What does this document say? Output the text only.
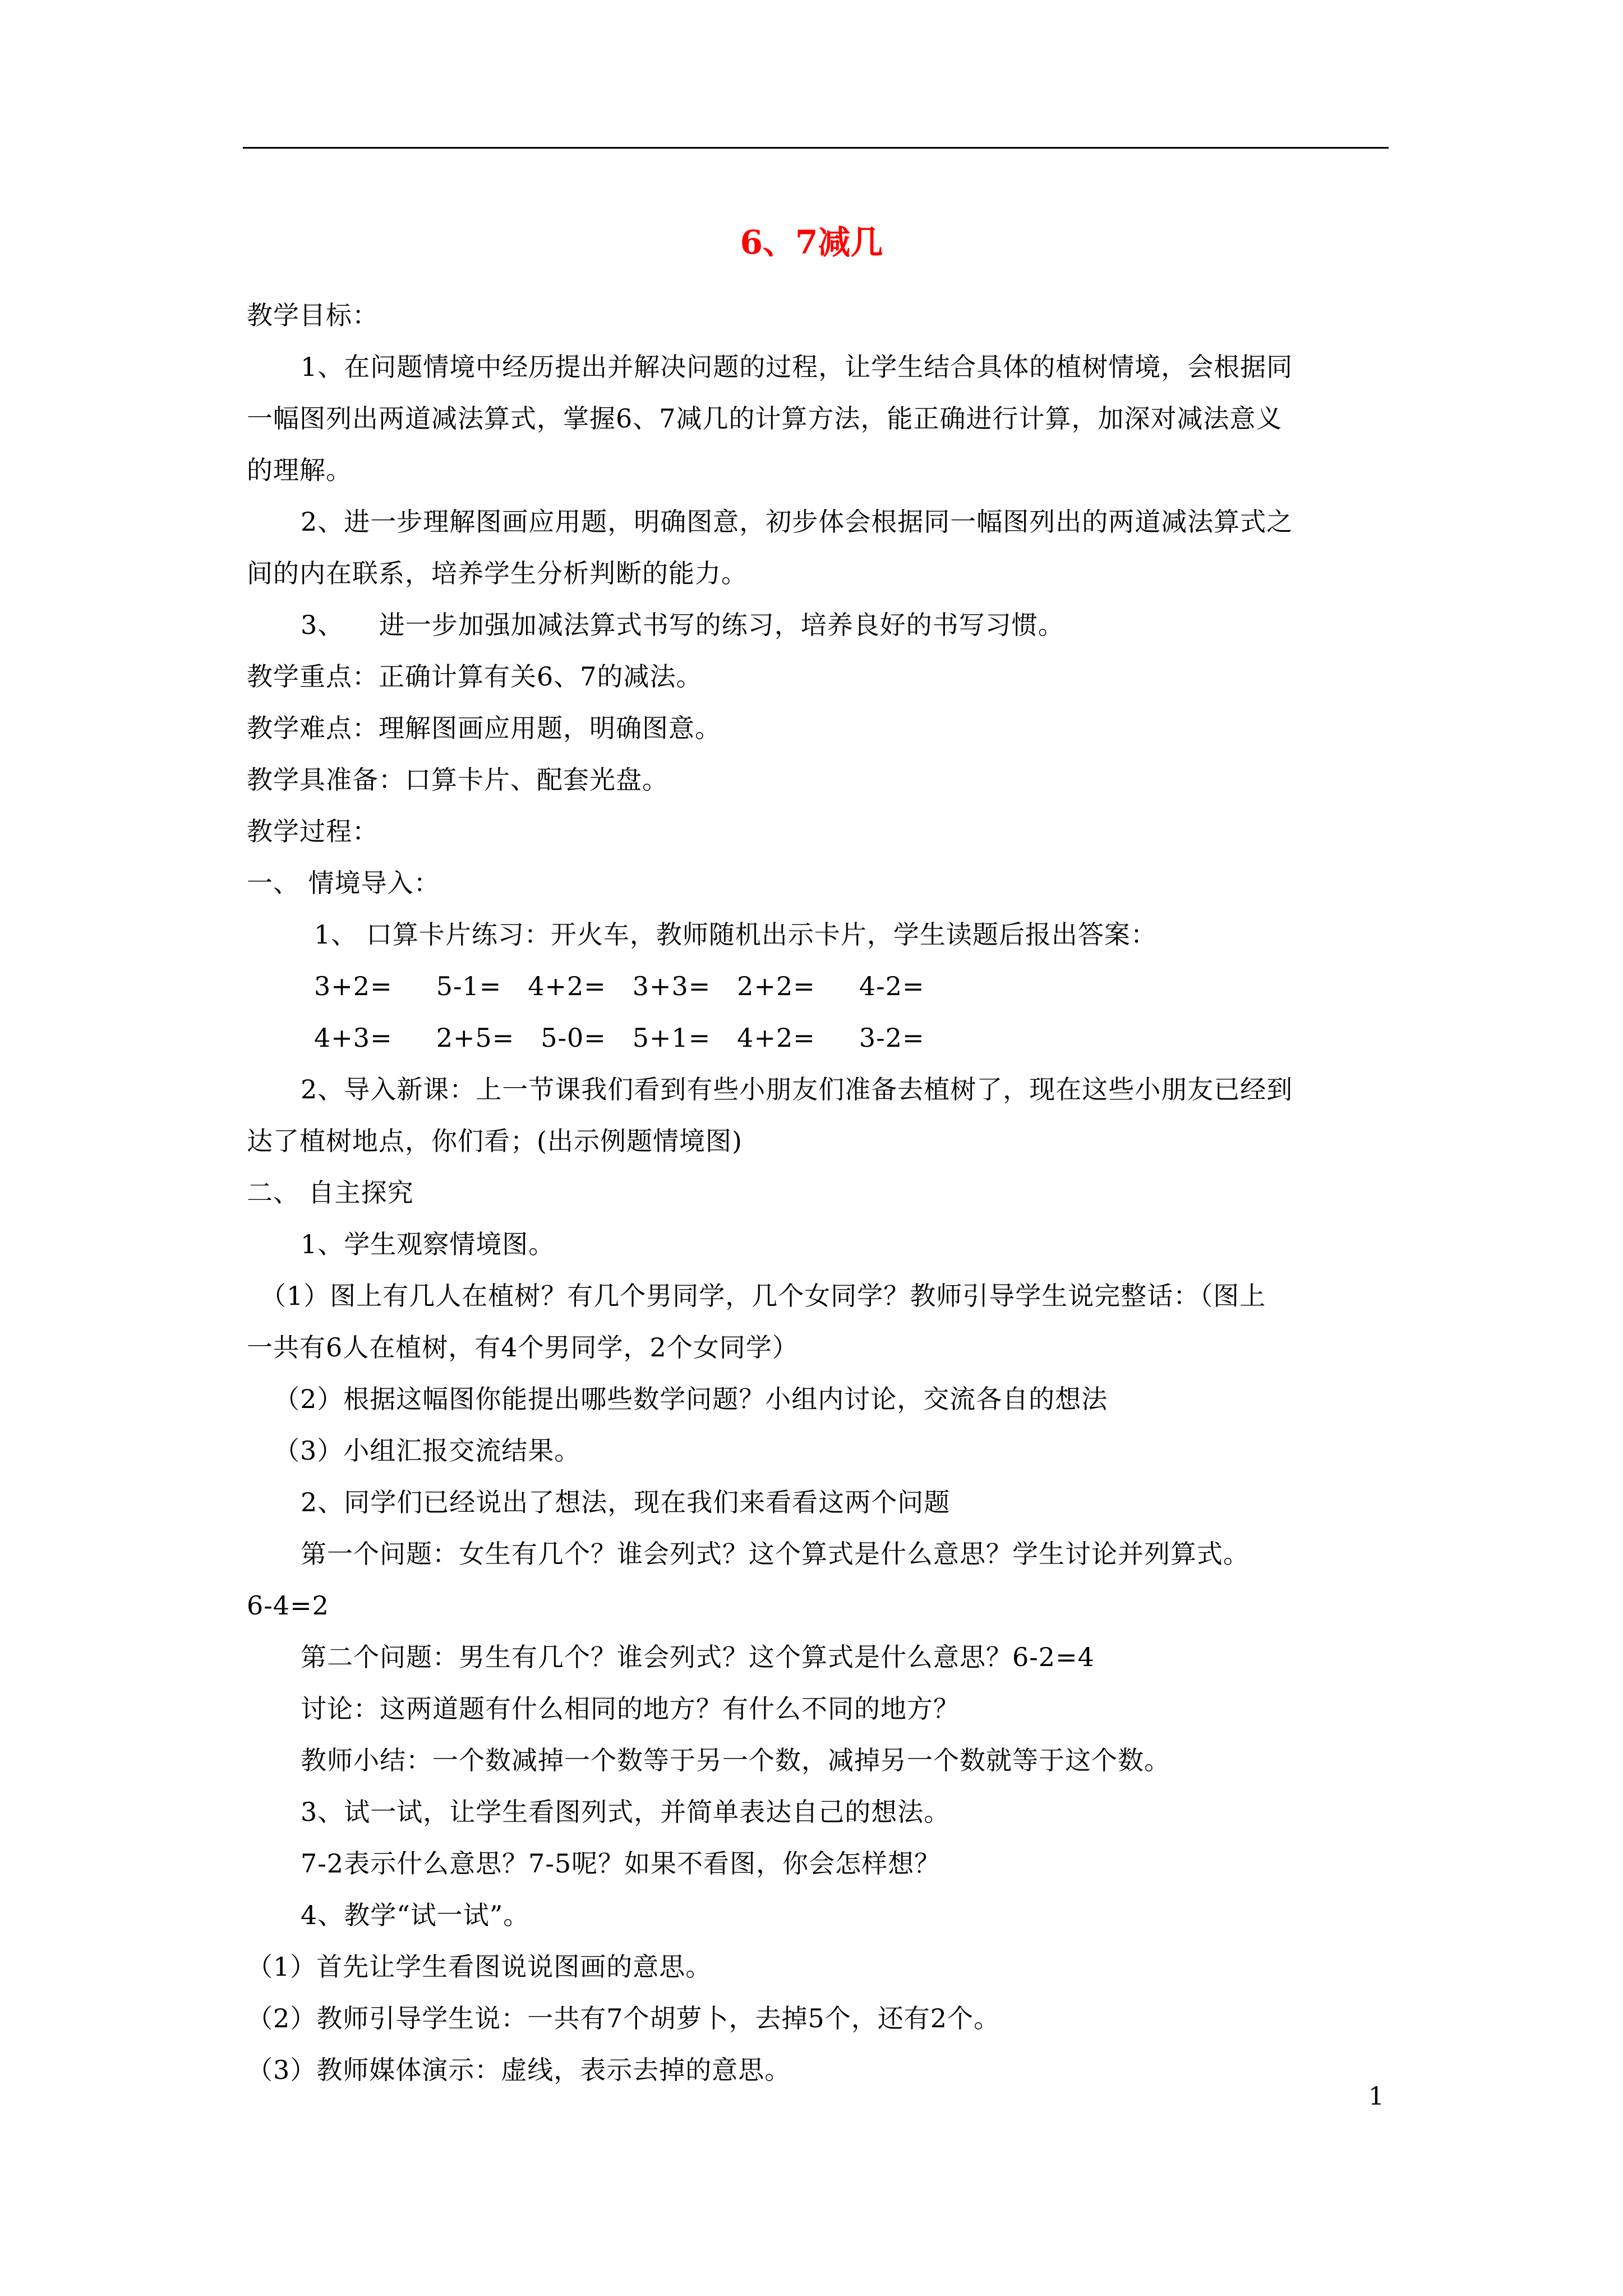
6、7减几
教学目标：
1、在问题情境中经历提出并解决问题的过程，让学生结合具体的植树情境，会根据同
一幅图列出两道减法算式，掌握6、7减几的计算方法，能正确进行计算，加深对减法意义
的理解。
2、进一步理解图画应用题，明确图意，初步体会根据同一幅图列出的两道减法算式之
间的内在联系，培养学生分析判断的能力。
3、    进一步加强加减法算式书写的练习，培养良好的书写习惯。
教学重点：正确计算有关6、7的减法。
教学难点：理解图画应用题，明确图意。
教学具准备：口算卡片、配套光盘。
教学过程：
一、 情境导入：
1、 口算卡片练习：开火车，教师随机出示卡片，学生读题后报出答案：
3+2=     5-1=   4+2=   3+3=   2+2=     4-2=
4+3=     2+5=   5-0=   5+1=   4+2=     3-2=
2、导入新课：上一节课我们看到有些小朋友们准备去植树了，现在这些小朋友已经到
达了植树地点，你们看；(出示例题情境图)
二、 自主探究
1、学生观察情境图。
（1）图上有几人在植树？有几个男同学，几个女同学？教师引导学生说完整话：（图上
一共有6人在植树，有4个男同学，2个女同学）
（2）根据这幅图你能提出哪些数学问题？小组内讨论，交流各自的想法
（3）小组汇报交流结果。
2、同学们已经说出了想法，现在我们来看看这两个问题
第一个问题：女生有几个？谁会列式？这个算式是什么意思？学生讨论并列算式。
6-4=2
第二个问题：男生有几个？谁会列式？这个算式是什么意思？6-2=4
讨论：这两道题有什么相同的地方？有什么不同的地方？
教师小结：一个数减掉一个数等于另一个数，减掉另一个数就等于这个数。
3、试一试，让学生看图列式，并简单表达自己的想法。
7-2表示什么意思？7-5呢？如果不看图，你会怎样想？
4、教学“试一试”。
（1）首先让学生看图说说图画的意思。
（2）教师引导学生说：一共有7个胡萝卜，去掉5个，还有2个。
（3）教师媒体演示：虚线，表示去掉的意思。
1
